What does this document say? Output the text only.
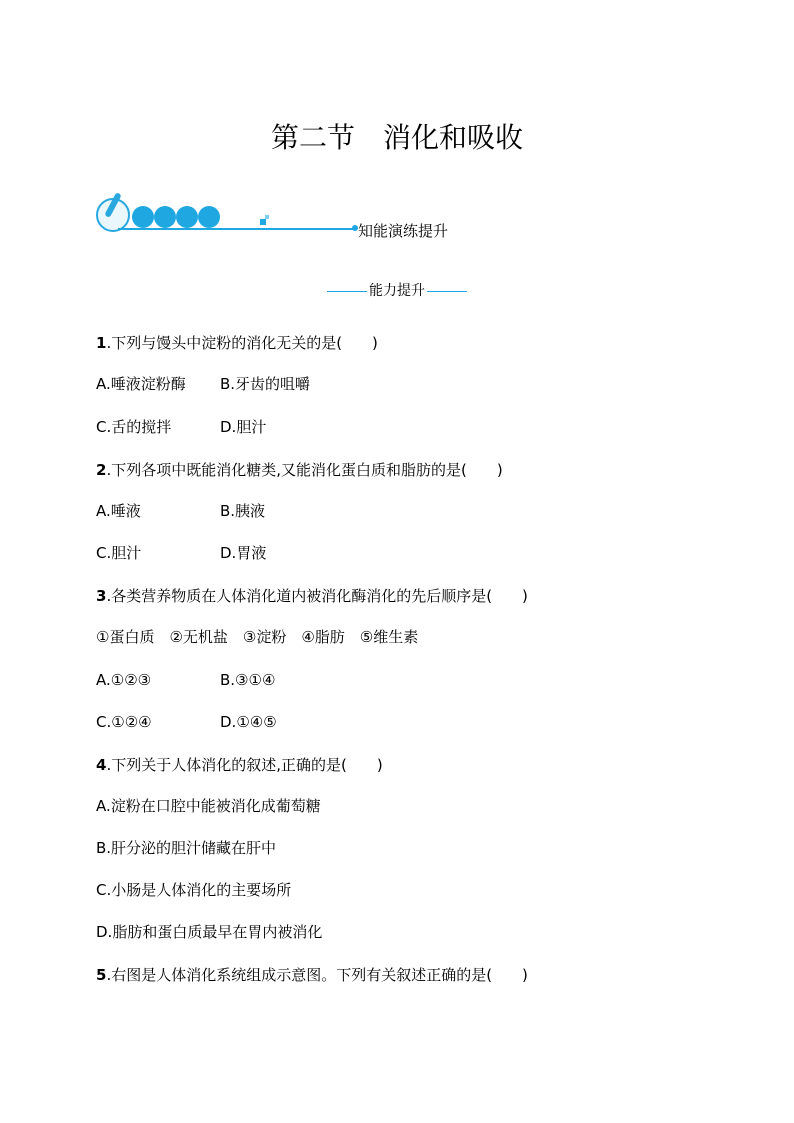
第二节 消化和吸收
知能演练提升
能力提升
1.下列与馒头中淀粉的消化无关的是(　　)
A.唾液淀粉酶 B.牙齿的咀嚼
C.舌的搅拌	D.胆汁
2.下列各项中既能消化糖类,又能消化蛋白质和脂肪的是(　　)
A.唾液	B.胰液
C.胆汁	D.胃液
3.各类营养物质在人体消化道内被消化酶消化的先后顺序是(　　)
①蛋白质　②无机盐　③淀粉　④脂肪　⑤维生素
A.①②③	B.③①④
C.①②④	D.①④⑤
4.下列关于人体消化的叙述,正确的是(　　)
A.淀粉在口腔中能被消化成葡萄糖
B.肝分泌的胆汁储藏在肝中
C.小肠是人体消化的主要场所
D.脂肪和蛋白质最早在胃内被消化
5.右图是人体消化系统组成示意图。下列有关叙述正确的是(　　)
